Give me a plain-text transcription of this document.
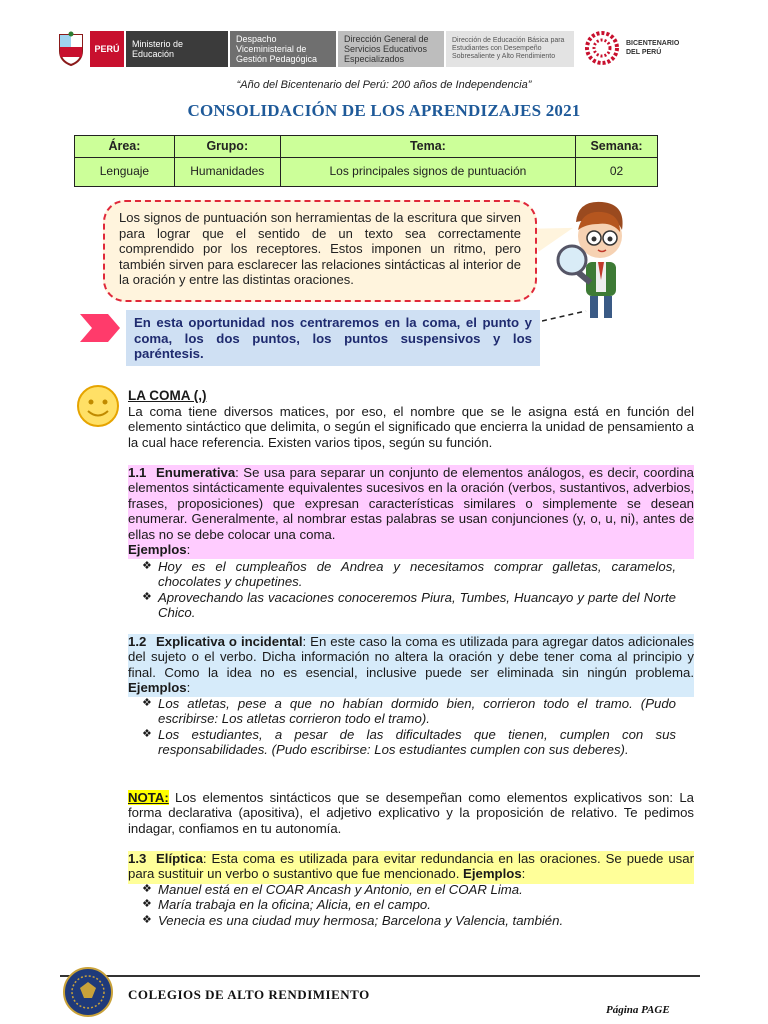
PERÚ	Ministerio de Educación
Despacho Viceministerial de Gestión Pedagógica
Dirección General de Servicios Educativos Especializados
Dirección de Educación Básica para Estudiantes con Desempeño Sobresaliente y Alto Rendimiento
BICENTENARIO DEL PERÚ
“Año del Bicentenario del Perú: 200 años de Independencia”
CONSOLIDACIÓN DE LOS APRENDIZAJES 2021
Área:	Grupo:	Tema:	Semana:
Lenguaje	Humanidades	Los principales signos de puntuación	02
Los signos de puntuación son herramientas de la escritura que sirven para lograr que el sentido de un texto sea correctamente comprendido por los receptores. Estos imponen un ritmo, pero también sirven para esclarecer las relaciones sintácticas al interior de la oración y entre las distintas oraciones.
En esta oportunidad nos centraremos en la coma, el punto y coma, los dos puntos, los puntos suspensivos y los paréntesis.
LA COMA (,)
La coma tiene diversos matices, por eso, el nombre que se le asigna está en función del elemento sintáctico que delimita, o según el significado que encierra la unidad de pensamiento a la cual hace referencia. Existen varios tipos, según su función.
1.1 Enumerativa: Se usa para separar un conjunto de elementos análogos, es decir, coordina elementos sintácticamente equivalentes sucesivos en la oración (verbos, sustantivos, adverbios, frases, proposiciones) que expresan características similares o simplemente se desean enumerar. Generalmente, al nombrar estas palabras se usan conjunciones (y, o, u, ni), antes de ellas no se debe colocar una coma.
Ejemplos:
❖ Hoy es el cumpleaños de Andrea y necesitamos comprar galletas, caramelos, chocolates y chupetines.
❖ Aprovechando las vacaciones conoceremos Piura, Tumbes, Huancayo y parte del Norte Chico.
1.2 Explicativa o incidental: En este caso la coma es utilizada para agregar datos adicionales del sujeto o el verbo. Dicha información no altera la oración y debe tener coma al principio y final. Como la idea no es esencial, inclusive puede ser eliminada sin ningún problema. Ejemplos:
❖ Los atletas, pese a que no habían dormido bien, corrieron todo el tramo. (Pudo escribirse: Los atletas corrieron todo el tramo).
❖ Los estudiantes, a pesar de las dificultades que tienen, cumplen con sus responsabilidades. (Pudo escribirse: Los estudiantes cumplen con sus deberes).
NOTA: Los elementos sintácticos que se desempeñan como elementos explicativos son: La forma declarativa (apositiva), el adjetivo explicativo y la proposición de relativo. Te pedimos indagar, confiamos en tu autonomía.
1.3 Elíptica: Esta coma es utilizada para evitar redundancia en las oraciones. Se puede usar para sustituir un verbo o sustantivo que fue mencionado. Ejemplos:
❖ Manuel está en el COAR Ancash y Antonio, en el COAR Lima.
❖ María trabaja en la oficina; Alicia, en el campo.
❖ Venecia es una ciudad muy hermosa; Barcelona y Valencia, también.
COLEGIOS DE ALTO RENDIMIENTO
Página PAGE
